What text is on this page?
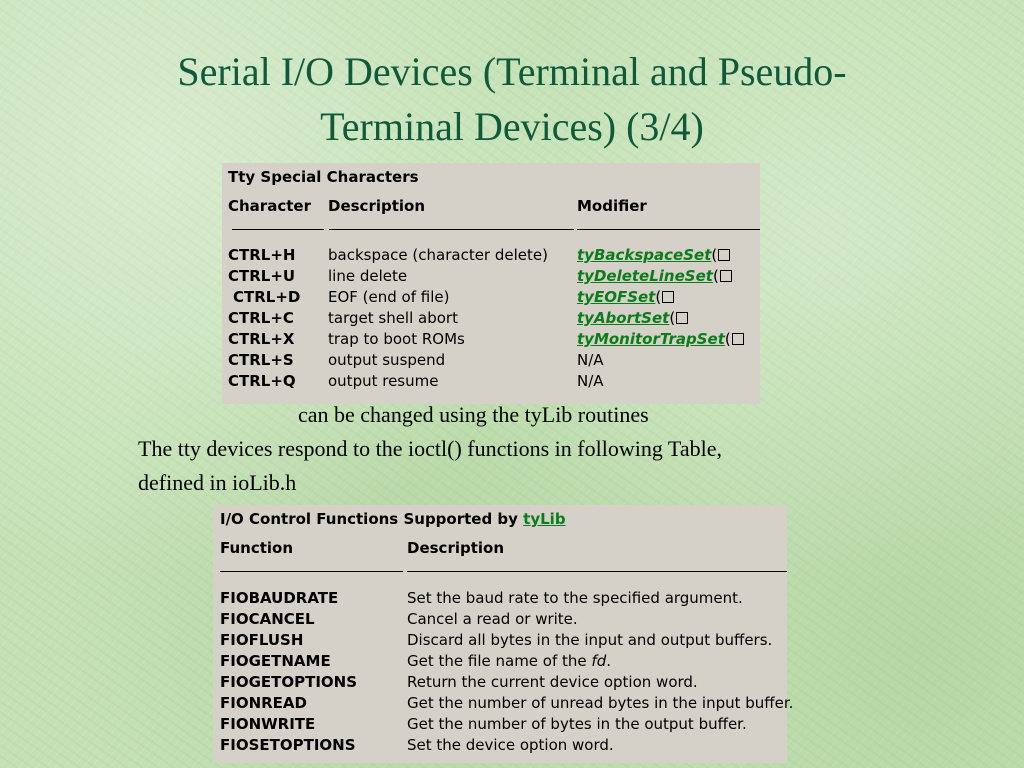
Serial I/O Devices (Terminal and Pseudo-
Terminal Devices) (3/4)
Tty Special Characters
Character Description	Modifier
CTRL+H backspace (character delete) tyBackspaceSet(
CTRL+U line delete	tyDeleteLineSet(
CTRL+D EOF (end of file)	tyEOFSet(
CTRL+C target shell abort	tyAbortSet(
CTRL+X trap to boot ROMs	tyMonitorTrapSet(
CTRL+S output suspend	N/A
CTRL+Q output resume	N/A
can be changed using the tyLib routines
The tty devices respond to the ioctl() functions in following Table,
defined in ioLib.h
I/O Control Functions Supported by tyLib
Function	Description
FIOBAUDRATE	Set the baud rate to the specified argument.
FIOCANCEL	Cancel a read or write.
FIOFLUSH	Discard all bytes in the input and output buffers.
FIOGETNAME	Get the file name of the fd.
FIOGETOPTIONS	Return the current device option word.
FIONREAD	Get the number of unread bytes in the input buffer.
FIONWRITE	Get the number of bytes in the output buffer.
FIOSETOPTIONS	Set the device option word.
